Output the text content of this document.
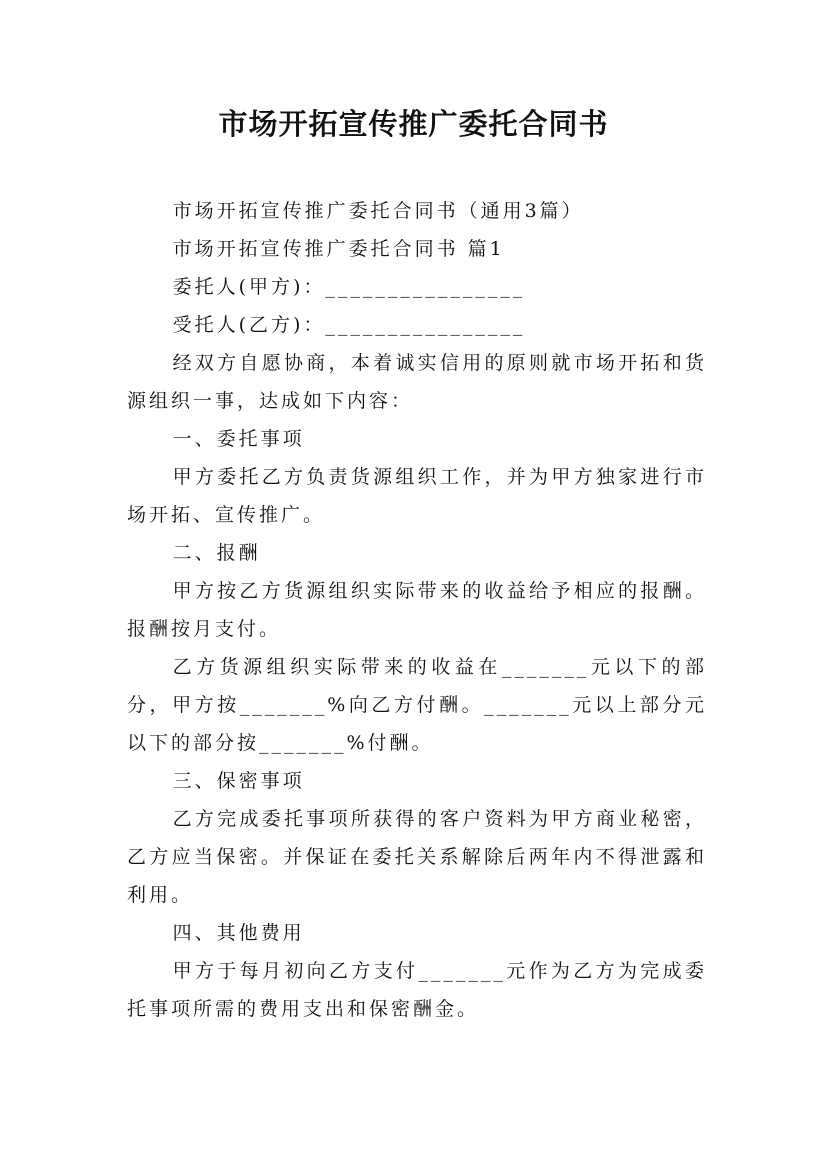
市场开拓宣传推广委托合同书

市场开拓宣传推广委托合同书（通用3篇）

市场开拓宣传推广委托合同书 篇1

委托人(甲方)：________________

受托人(乙方)：________________

经双方自愿协商，本着诚实信用的原则就市场开拓和货源组织一事，达成如下内容：

一、委托事项

甲方委托乙方负责货源组织工作，并为甲方独家进行市场开拓、宣传推广。

二、报酬

甲方按乙方货源组织实际带来的收益给予相应的报酬。报酬按月支付。

乙方货源组织实际带来的收益在_______元以下的部分，甲方按_______%向乙方付酬。_______元以上部分元以下的部分按_______%付酬。

三、保密事项

乙方完成委托事项所获得的客户资料为甲方商业秘密，乙方应当保密。并保证在委托关系解除后两年内不得泄露和利用。

四、其他费用

甲方于每月初向乙方支付_______元作为乙方为完成委托事项所需的费用支出和保密酬金。
